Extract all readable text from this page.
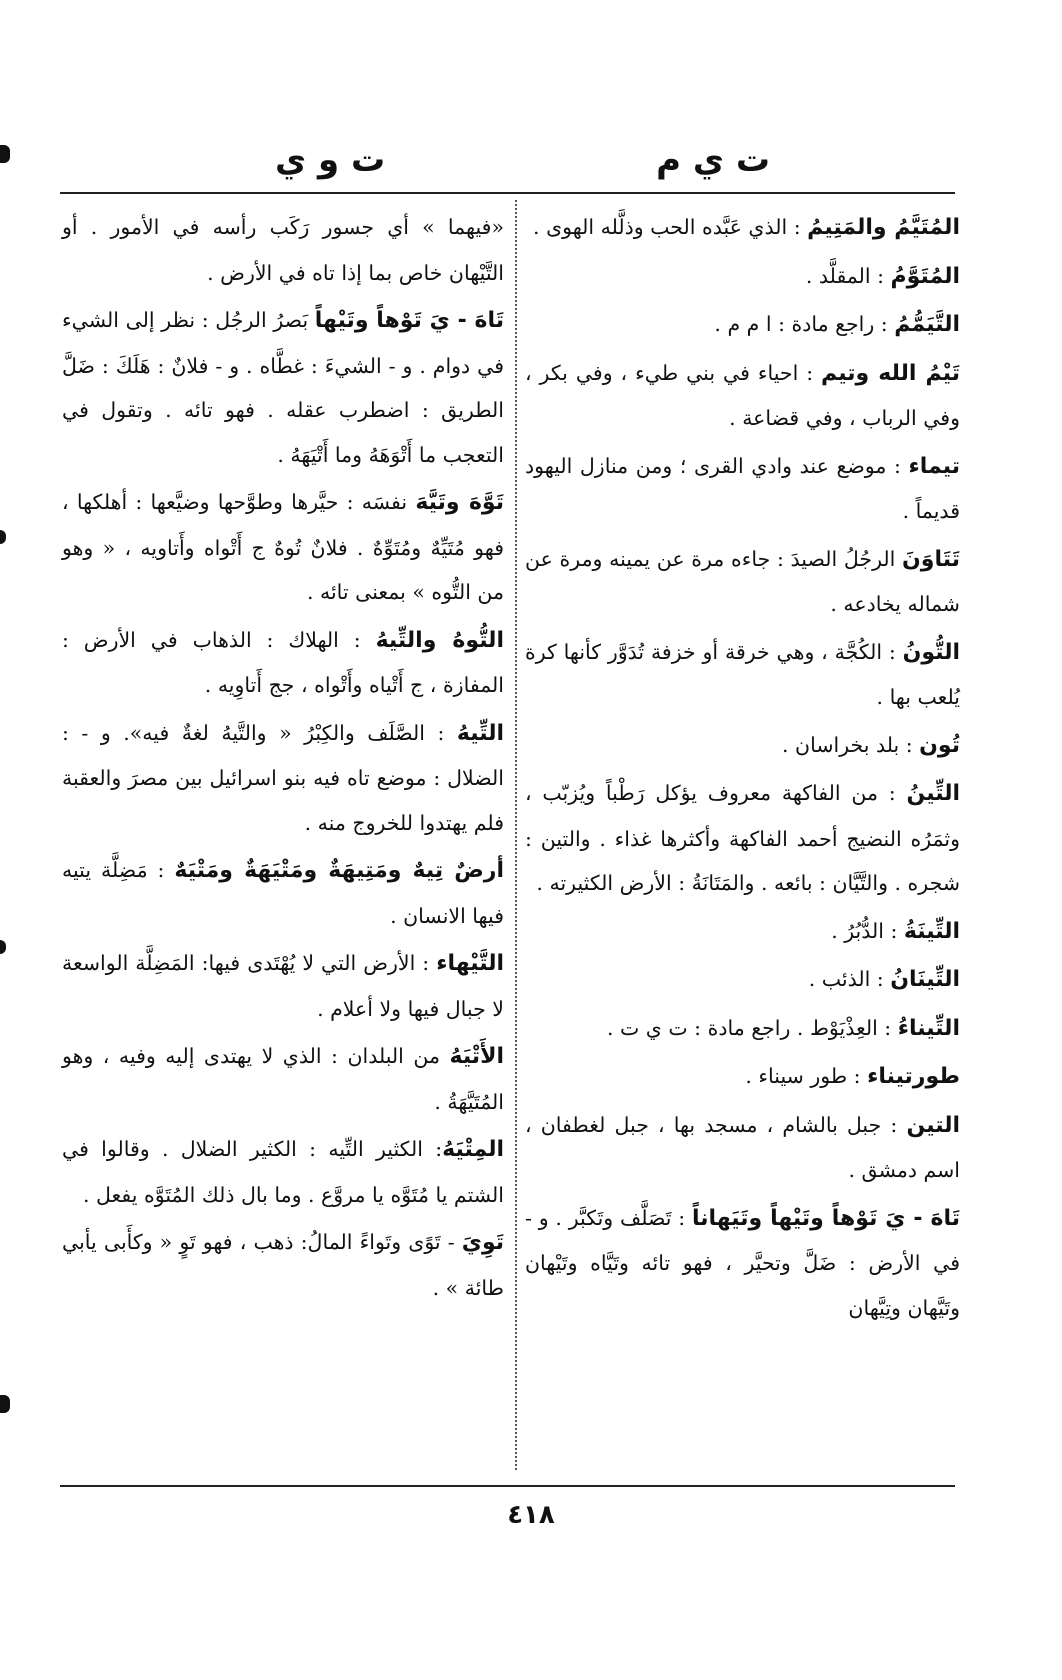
ت و ي	ت ي م

المُتَيَّمُ والمَتِيمُ : الذي عَبَّده الحب وذلَّله الهوى .

المُتَوَّمُ : المقلَّد .

التَّيَمُّمُ : راجع مادة : ا م م .

تَيْمُ الله وتيم : احياء في بني طيء ، وفي بكر ، وفي الرباب ، وفي قضاعة .

تيماء : موضع عند وادي القرى ؛ ومن منازل اليهود قديماً .

تَتَاوَنَ الرجُلُ الصيدَ : جاءه مرة عن يمينه ومرة عن شماله يخادعه .

التُّونُ : الكُجَّة ، وهي خرقة أو خزفة تُدَوَّر كأنها كرة يُلعب بها .

تُون : بلد بخراسان .

التِّينُ : من الفاكهة معروف يؤكل رَطْباً ويُزبّب ، وثمَرُه النضيج أحمد الفاكهة وأكثرها غذاء . والتين : شجره . والتَّيَّان : بائعه . والمَتَانَةُ : الأرض الكثيرته .

التِّينَةُ : الدُّبُرُ .

التِّينَانُ : الذئب .

التِّيناءُ : العِذْيَوْط . راجع مادة : ت ي ت .

طورتيناء : طور سيناء .

التين : جبل بالشام ، مسجد بها ، جبل لغطفان ، اسم دمشق .

تَاهَ - يَ تَوْهاً وتَيْهاً وتَيَهاناً : تَصَلَّف وتَكبَّر . و - في الأرض : ضَلَّ وتحيَّر ، فهو تائه وتَيَّاه وتَيْهان وتَيَّهان وتِيَّهان

«فيهما » أي جسور رَكَب رأسه في الأمور . أو التَّيْهان خاص بما إذا تاه في الأرض .

تَاهَ - يَ تَوْهاً وتَيْهاً بَصرُ الرجُل : نظر إلى الشيء في دوام . و - الشيءَ : غطَّاه . و - فلانٌ : هَلَكَ : ضَلَّ الطريق : اضطرب عقله . فهو تائه . وتقول في التعجب ما أَتْوَهَهُ وما أَتْيَهَهُ .

تَوَّهَ وتَيَّهَ نفسَه : حيَّرها وطوَّحها وضيَّعها : أهلكها ، فهو مُتَيِّهٌ ومُتَوِّهٌ . فلانٌ تُوهٌ ج أَتْواه وأَتاويه ، « وهو من التُّوه » بمعنى تائه .

التُّوهُ والتِّيهُ : الهلاك : الذهاب في الأرض : المفازة ، ج أَتْياه وأَتْواه ، جج أَتاوِيه .

التِّيهُ : الصَّلَف والكِبْرُ « والتَّيهُ لغةٌ فيه». و - : الضلال : موضع تاه فيه بنو اسرائيل بين مصرَ والعقبة فلم يهتدوا للخروج منه .

أرضٌ تِيهٌ ومَتِيهَةٌ ومَتْيَهَةٌ ومَتْيَهٌ : مَضِلَّة يتيه فيها الانسان .

التَّيْهاء : الأرض التي لا يُهْتَدى فيها: المَضِلَّة الواسعة لا جبال فيها ولا أعلام .

الأَتْيَهُ من البلدان : الذي لا يهتدى إليه وفيه ، وهو المُتَيَّهَةُ .

المِتْيَهُ: الكثير التِّيه : الكثير الضلال . وقالوا في الشتم يا مُتَوَّه يا مروَّع . وما بال ذلك المُتَوَّه يفعل .

تَوِيَ - تَوًى وتَواءً المالُ: ذهب ، فهو تَوٍ « وكأَبى يأبي طائة » .

٤١٨
